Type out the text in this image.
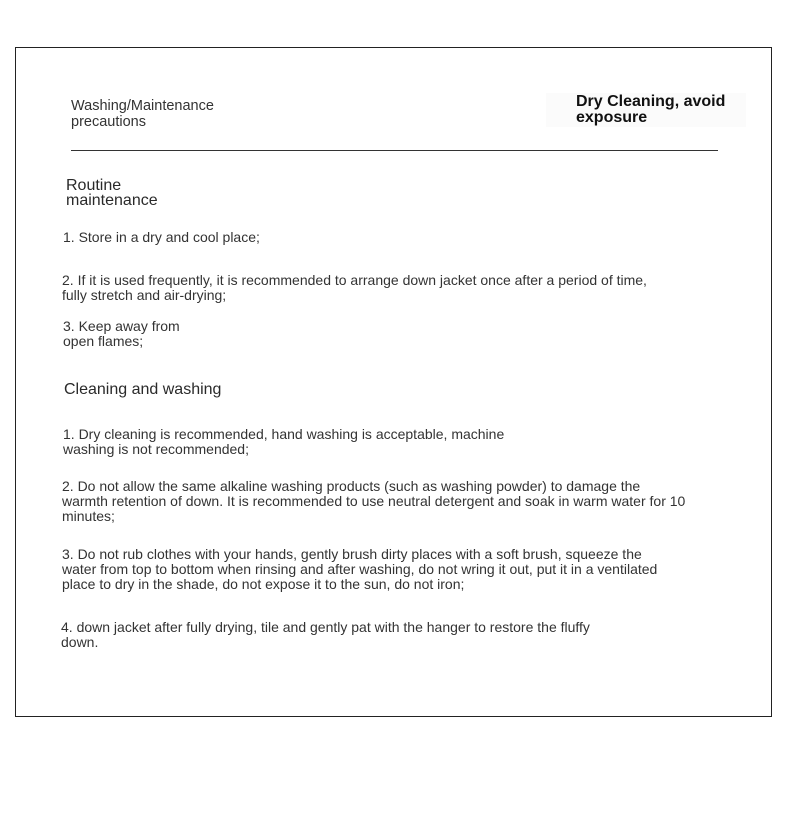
Washing/Maintenance precautions

Dry Cleaning, avoid exposure

Routine maintenance

1. Store in a dry and cool place;

2. If it is used frequently, it is recommended to arrange down jacket once after a period of time, fully stretch and air-drying;

3. Keep away from open flames;

Cleaning and washing

1. Dry cleaning is recommended, hand washing is acceptable, machine washing is not recommended;

2. Do not allow the same alkaline washing products (such as washing powder) to damage the warmth retention of down. It is recommended to use neutral detergent and soak in warm water for 10 minutes;

3. Do not rub clothes with your hands, gently brush dirty places with a soft brush, squeeze the water from top to bottom when rinsing and after washing, do not wring it out, put it in a ventilated place to dry in the shade, do not expose it to the sun, do not iron;

4. down jacket after fully drying, tile and gently pat with the hanger to restore the fluffy down.
